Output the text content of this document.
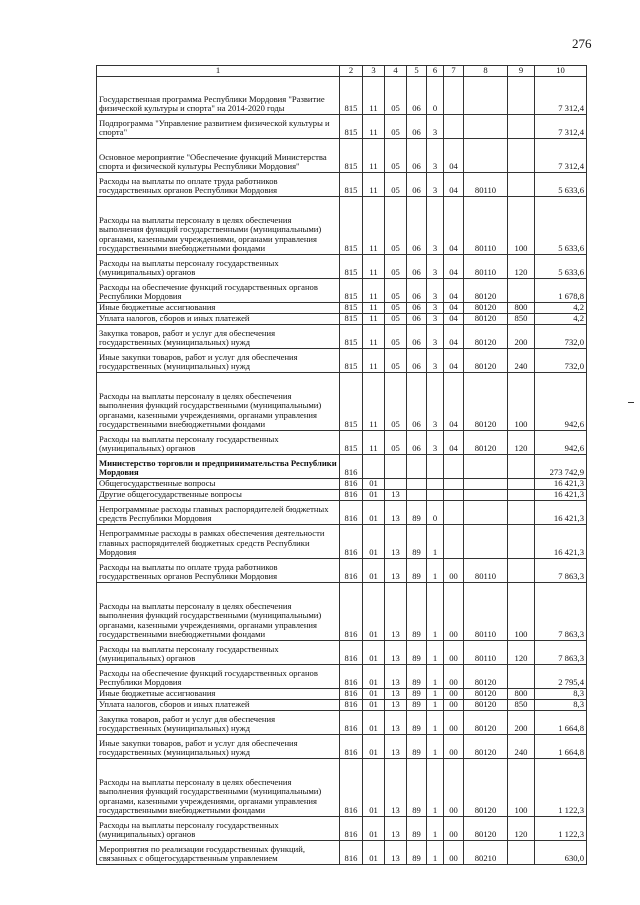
276
1	2	3	4	5	6	7	8	9	10
Государственная программа Республики Мордовия "Развитие физической культуры и спорта" на 2014-2020 годы	815	11	05	06	0				7 312,4
Подпрограмма "Управление развитием физической культуры и спорта"	815	11	05	06	3				7 312,4
Основное мероприятие "Обеспечение функций Министерства спорта и физической культуры Республики Мордовия"	815	11	05	06	3	04			7 312,4
Расходы на выплаты по оплате труда работников государственных органов Республики Мордовия	815	11	05	06	3	04	80110		5 633,6
Расходы на выплаты персоналу в целях обеспечения выполнения функций государственными (муниципальными) органами, казенными учреждениями, органами управления государственными внебюджетными фондами	815	11	05	06	3	04	80110	100	5 633,6
Расходы на выплаты персоналу государственных (муниципальных) органов	815	11	05	06	3	04	80110	120	5 633,6
Расходы на обеспечение функций государственных органов Республики Мордовия	815	11	05	06	3	04	80120		1 678,8
Иные бюджетные ассигнования	815	11	05	06	3	04	80120	800	4,2
Уплата налогов, сборов и иных платежей	815	11	05	06	3	04	80120	850	4,2
Закупка товаров, работ и услуг для обеспечения государственных (муниципальных) нужд	815	11	05	06	3	04	80120	200	732,0
Иные закупки товаров, работ и услуг для обеспечения государственных (муниципальных) нужд	815	11	05	06	3	04	80120	240	732,0
Расходы на выплаты персоналу в целях обеспечения выполнения функций государственными (муниципальными) органами, казенными учреждениями, органами управления государственными внебюджетными фондами	815	11	05	06	3	04	80120	100	942,6
Расходы на выплаты персоналу государственных (муниципальных) органов	815	11	05	06	3	04	80120	120	942,6
Министерство торговли и предпринимательства Республики Мордовия	816								273 742,9
Общегосударственные вопросы	816	01							16 421,3
Другие общегосударственные вопросы	816	01	13						16 421,3
Непрограммные расходы главных распорядителей бюджетных средств Республики Мордовия	816	01	13	89	0				16 421,3
Непрограммные расходы в рамках обеспечения деятельности главных распорядителей бюджетных средств Республики Мордовия	816	01	13	89	1				16 421,3
Расходы на выплаты по оплате труда работников государственных органов Республики Мордовия	816	01	13	89	1	00	80110		7 863,3
Расходы на выплаты персоналу в целях обеспечения выполнения функций государственными (муниципальными) органами, казенными учреждениями, органами управления государственными внебюджетными фондами	816	01	13	89	1	00	80110	100	7 863,3
Расходы на выплаты персоналу государственных (муниципальных) органов	816	01	13	89	1	00	80110	120	7 863,3
Расходы на обеспечение функций государственных органов Республики Мордовия	816	01	13	89	1	00	80120		2 795,4
Иные бюджетные ассигнования	816	01	13	89	1	00	80120	800	8,3
Уплата налогов, сборов и иных платежей	816	01	13	89	1	00	80120	850	8,3
Закупка товаров, работ и услуг для обеспечения государственных (муниципальных) нужд	816	01	13	89	1	00	80120	200	1 664,8
Иные закупки товаров, работ и услуг для обеспечения государственных (муниципальных) нужд	816	01	13	89	1	00	80120	240	1 664,8
Расходы на выплаты персоналу в целях обеспечения выполнения функций государственными (муниципальными) органами, казенными учреждениями, органами управления государственными внебюджетными фондами	816	01	13	89	1	00	80120	100	1 122,3
Расходы на выплаты персоналу государственных (муниципальных) органов	816	01	13	89	1	00	80120	120	1 122,3
Мероприятия по реализации государственных функций, связанных с общегосударственным управлением	816	01	13	89	1	00	80210		630,0
